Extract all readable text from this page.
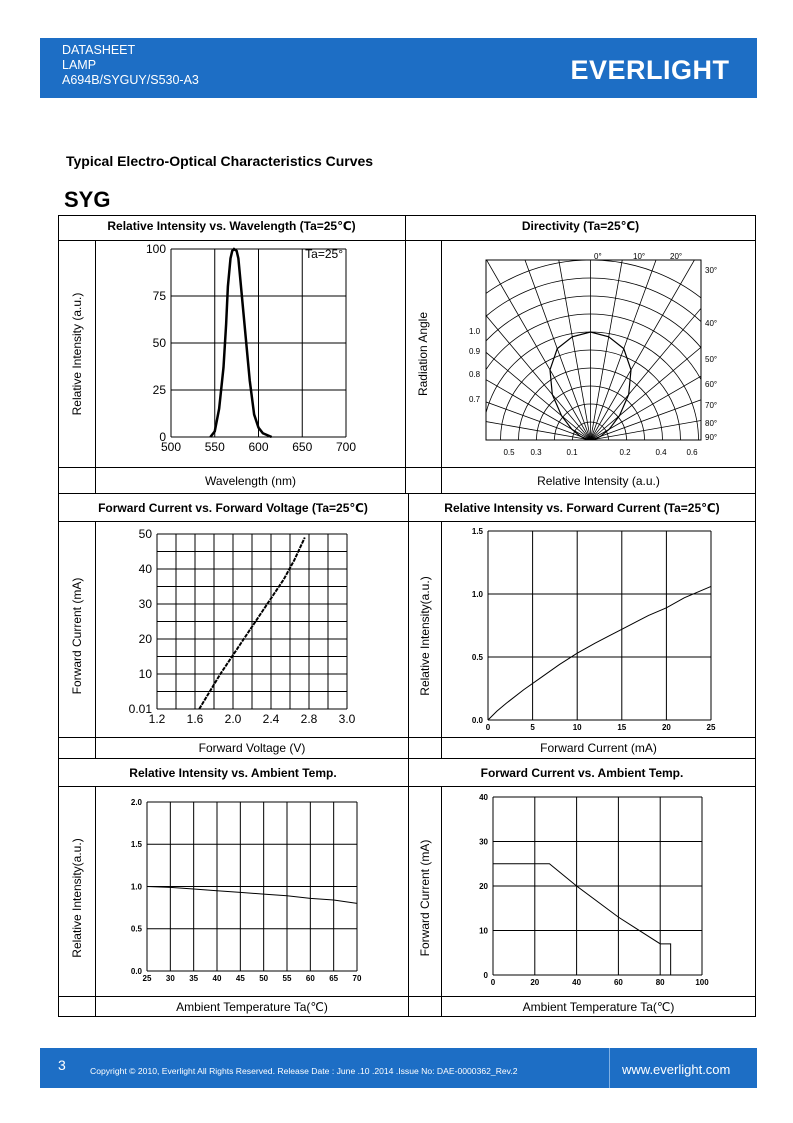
DATASHEET
LAMP
A694B/SYGUY/S530-A3	EVERLIGHT
Typical Electro-Optical Characteristics Curves
SYG
Relative Intensity vs. Wavelength (Ta=25℃)	Directivity (Ta=25℃)
Forward Current vs. Forward Voltage (Ta=25℃)	Relative Intensity vs. Forward Current (Ta=25℃)
Relative Intensity vs. Ambient Temp.	Forward Current vs. Ambient Temp.
Wavelength (nm)	Relative Intensity (a.u.)
Forward Voltage (V)	Forward Current (mA)
Ambient Temperature Ta(℃)	Ambient Temperature Ta(℃)
Relative Intensity (a.u.)	Radiation Angle
Forward Current (mA)	Relative Intensity(a.u.)
Relative Intensity(a.u.)	Forward Current (mA)
500 550 600 650 700
0
25
50
75
100	Ta=25°	0°	10°	20°
30°
40°
50°
60°
70°
80°
90°
1.0
0.9
0.8
0.7
0.5 0.3	0.1	0.2	0.4 0.6
1.2 1.6 2.0 2.4 2.8 3.0
0.01
10
20
30
40
50
0	5	10	15	20	25
0.0
0.5
1.0
1.5
25 30 35 40 45 50 55 60 65 70
0.0
0.5
1.0
1.5
2.0
0	20	40	60	80	100
0
10
20
30
40
3	Copyright © 2010, Everlight All Rights Reserved. Release Date : June .10 .2014 .Issue No: DAE-0000362_Rev.2	www.everlight.com
